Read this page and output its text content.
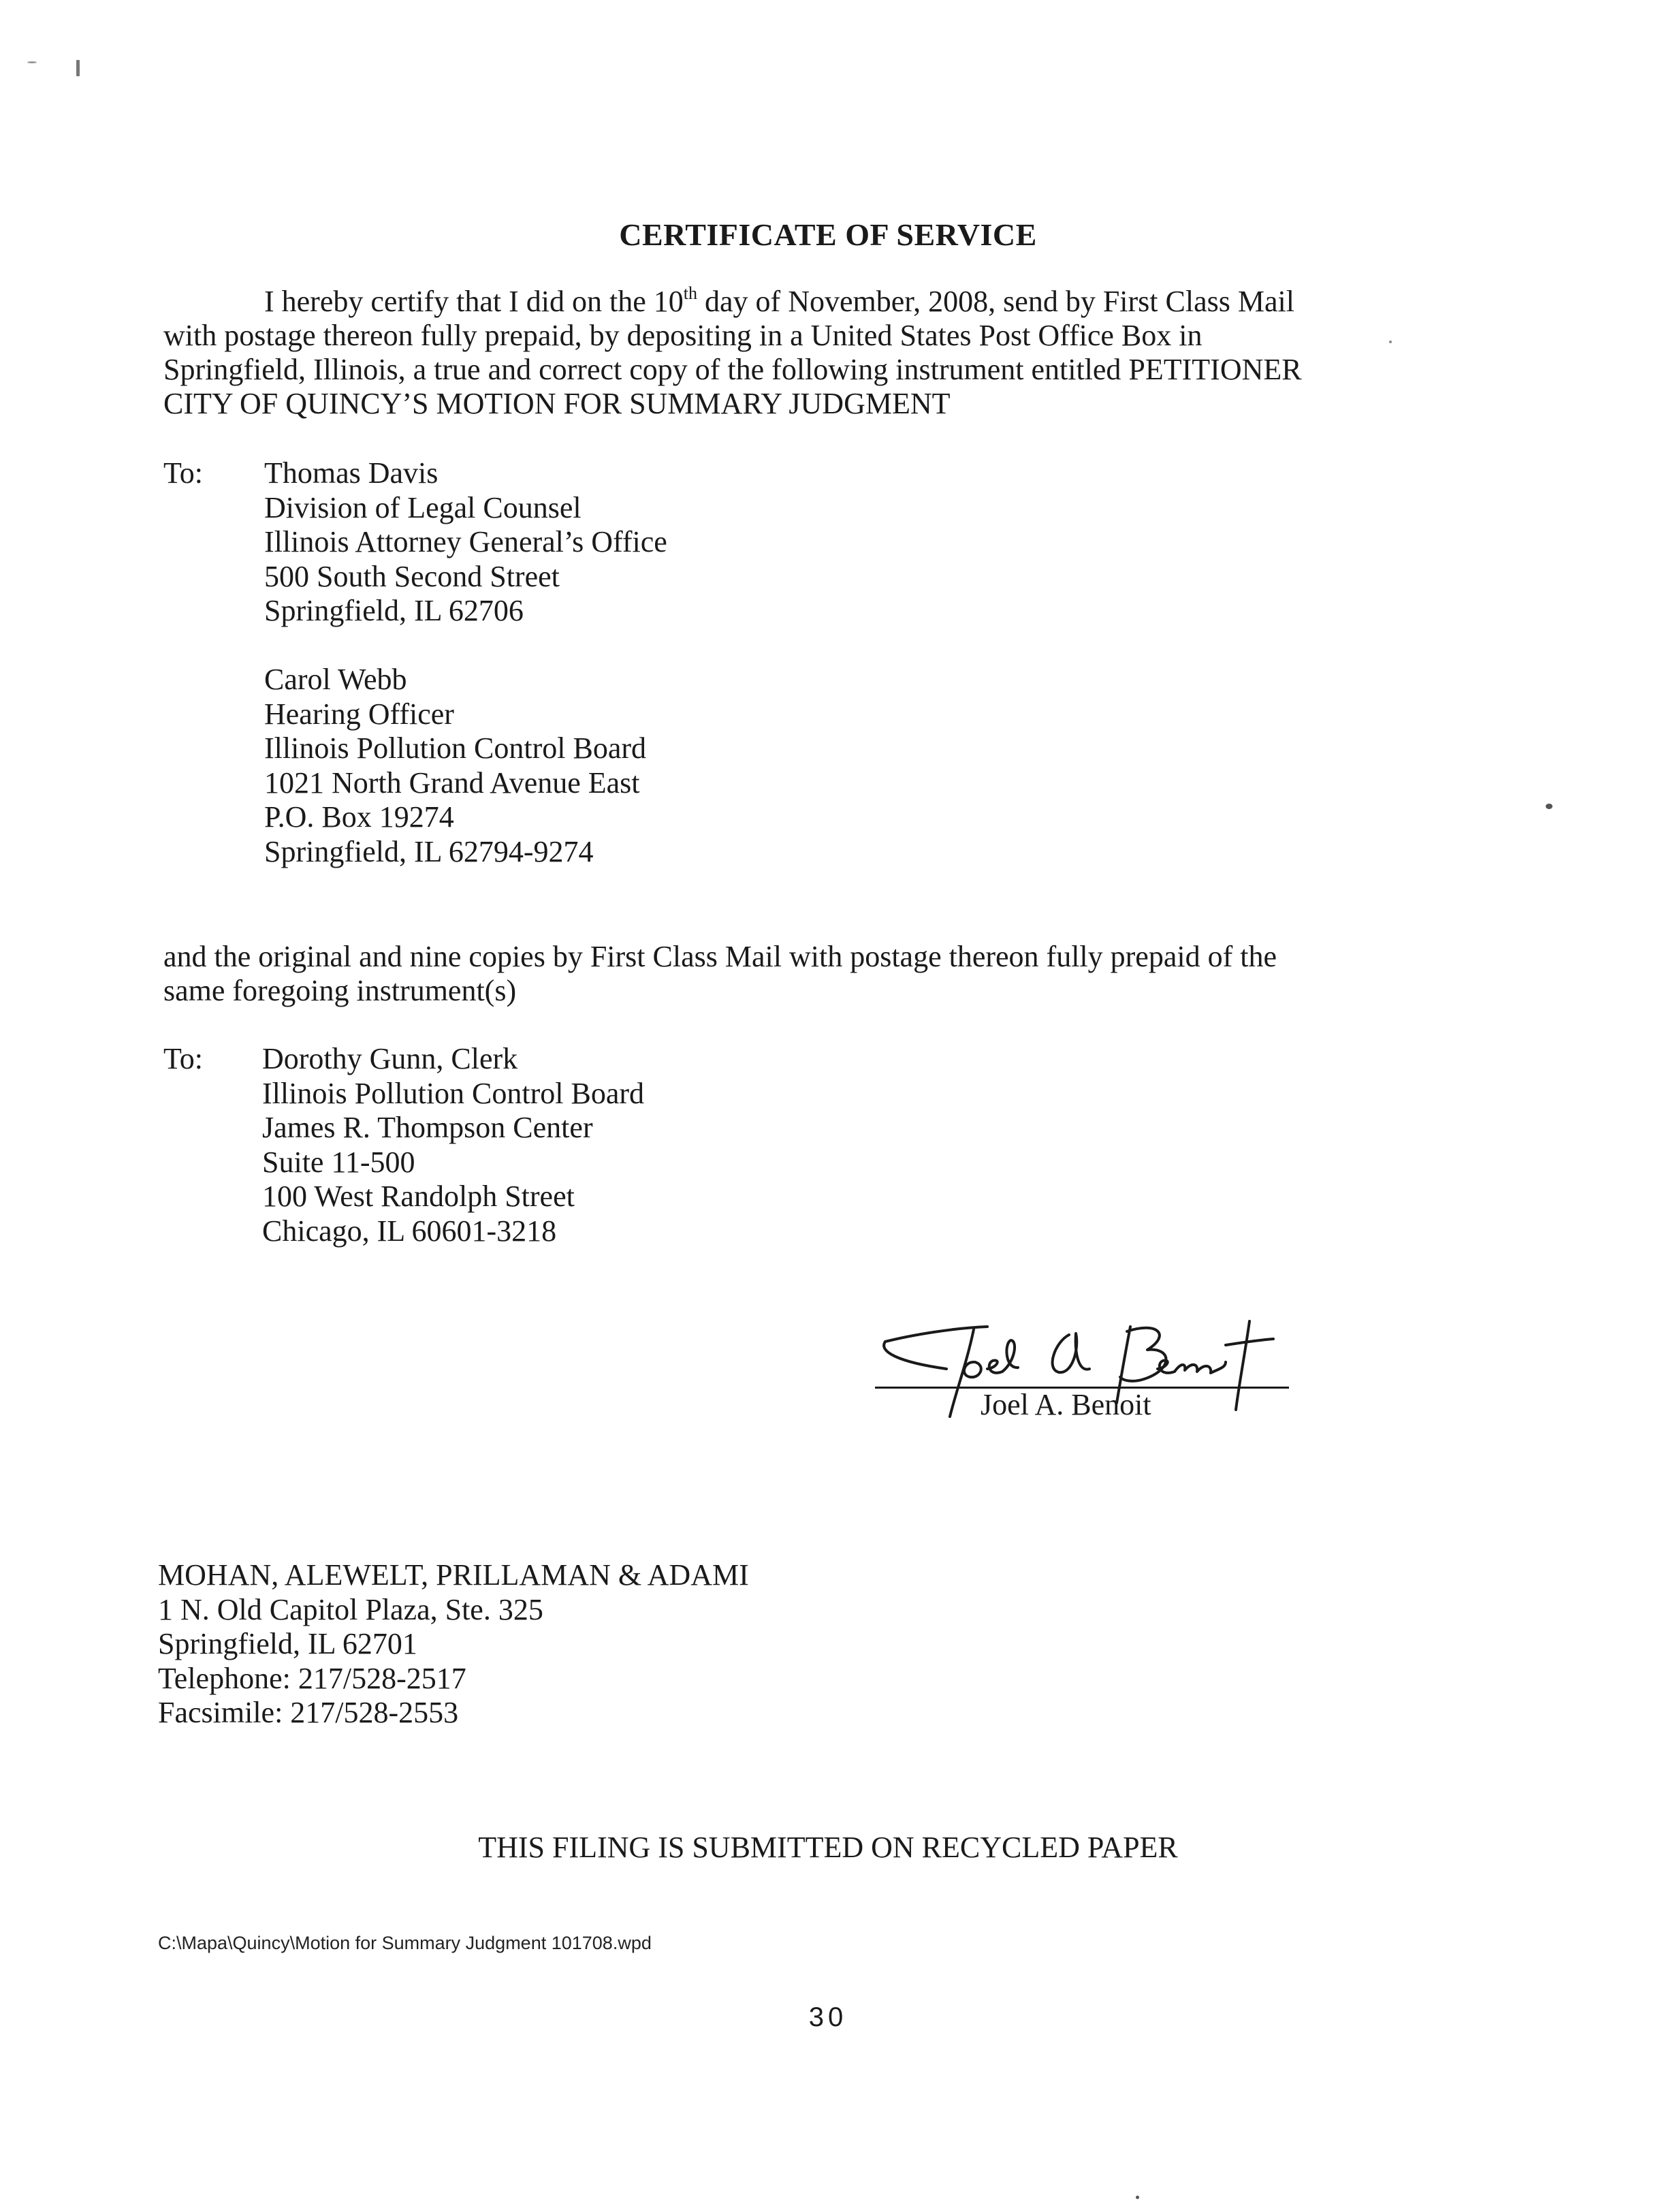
CERTIFICATE OF SERVICE
I hereby certify that I did on the 10th day of November, 2008, send by First Class Mail
with postage thereon fully prepaid, by depositing in a United States Post Office Box in
Springfield, Illinois, a true and correct copy of the following instrument entitled PETITIONER
CITY OF QUINCY’S MOTION FOR SUMMARY JUDGMENT
To: Thomas Davis
Division of Legal Counsel
Illinois Attorney General’s Office
500 South Second Street
Springfield, IL 62706
Carol Webb
Hearing Officer
Illinois Pollution Control Board
1021 North Grand Avenue East
P.O. Box 19274
Springfield, IL 62794-9274
and the original and nine copies by First Class Mail with postage thereon fully prepaid of the
same foregoing instrument(s)
To: Dorothy Gunn, Clerk
Illinois Pollution Control Board
James R. Thompson Center
Suite 11-500
100 West Randolph Street
Chicago, IL 60601-3218
Joel A. Benoit
MOHAN, ALEWELT, PRILLAMAN & ADAMI
1 N. Old Capitol Plaza, Ste. 325
Springfield, IL 62701
Telephone: 217/528-2517
Facsimile: 217/528-2553
THIS FILING IS SUBMITTED ON RECYCLED PAPER
C:\Mapa\Quincy\Motion for Summary Judgment 101708.wpd
30
